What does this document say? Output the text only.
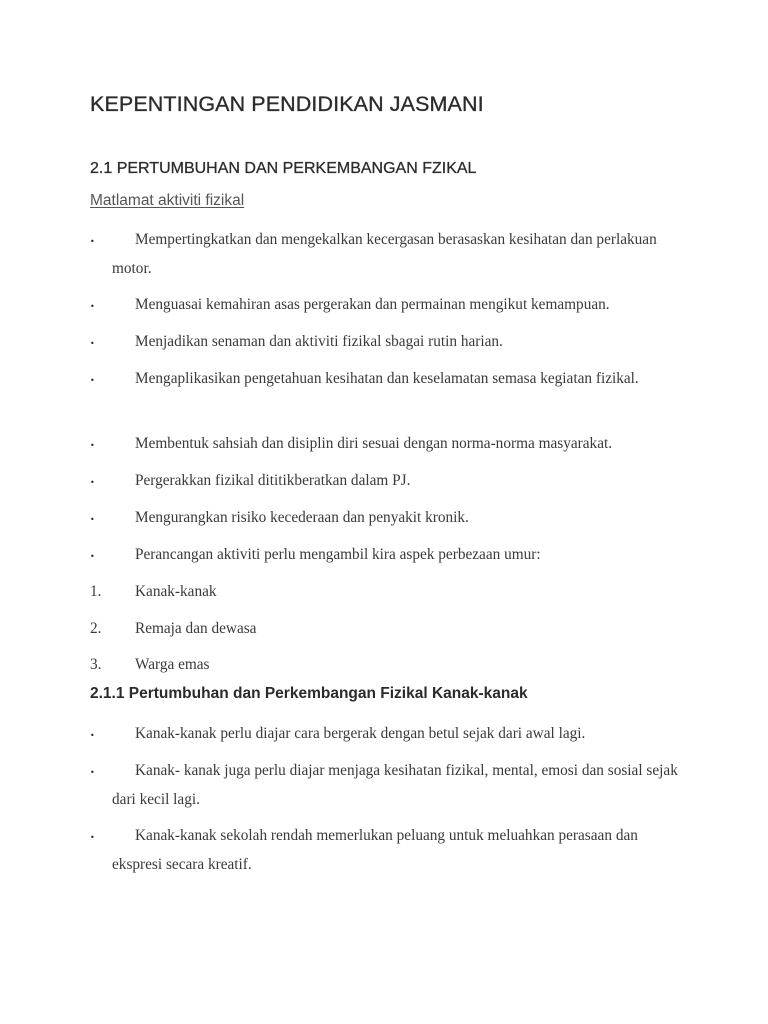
KEPENTINGAN PENDIDIKAN JASMANI
2.1 PERTUMBUHAN DAN PERKEMBANGAN FZIKAL
Matlamat aktiviti fizikal
•	Mempertingkatkan dan mengekalkan kecergasan berasaskan kesihatan dan perlakuan motor.
•	Menguasai kemahiran asas pergerakan dan permainan mengikut kemampuan.
•	Menjadikan senaman dan aktiviti fizikal sbagai rutin harian.
•	Mengaplikasikan pengetahuan kesihatan dan keselamatan semasa kegiatan fizikal.
•	Membentuk sahsiah dan disiplin diri sesuai dengan norma-norma masyarakat.
•	Pergerakkan fizikal dititikberatkan dalam PJ.
•	Mengurangkan risiko kecederaan dan penyakit kronik.
•	Perancangan aktiviti perlu mengambil kira aspek perbezaan umur:
1.	Kanak-kanak
2.	Remaja dan dewasa
3.	Warga emas
2.1.1 Pertumbuhan dan Perkembangan Fizikal Kanak-kanak
•	Kanak-kanak perlu diajar cara bergerak dengan betul sejak dari awal lagi.
•	Kanak- kanak juga perlu diajar menjaga kesihatan fizikal, mental, emosi dan sosial sejak dari kecil lagi.
•	Kanak-kanak sekolah rendah memerlukan peluang untuk meluahkan perasaan dan ekspresi secara kreatif.
